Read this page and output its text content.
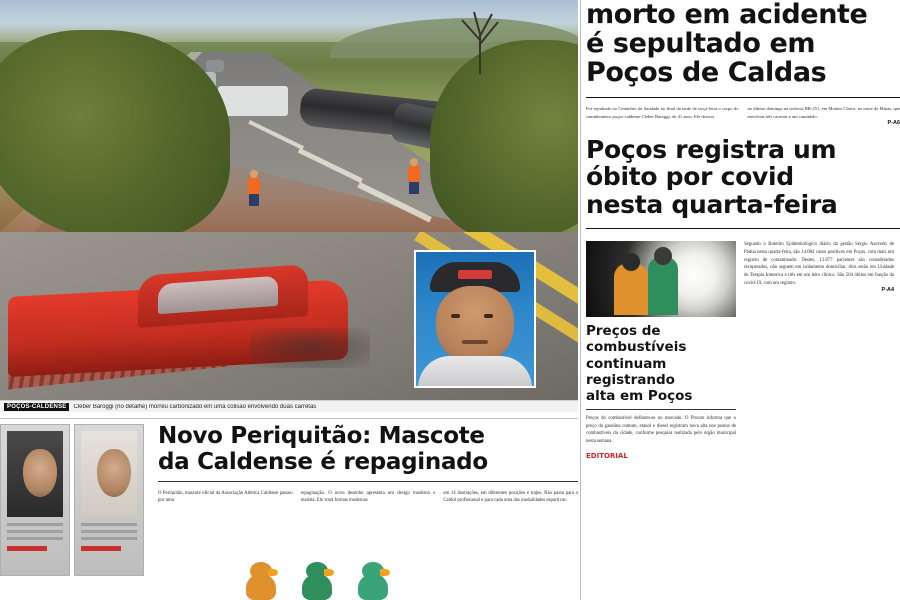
POÇOS-CALDENSE	Cleber Baroggi (no detalhe) morreu carbonizado em uma colisão envolvendo duas carretas
morto em acidente
é sepultado em
Poços de Caldas
Foi sepultado no Cemitério da Saudade no final da tarde de terça-feira o corpo do caminhoneiro poços-caldense Cleber Baroggi, de 41 anos. Ele deixou
no último domingo na rodovia BR-251, em Montes Claros, no norte de Minas, que envolveu três carretas e um caminhão.
P-A6
Poços registra um
óbito por covid
nesta quarta-feira
Preços de
combustíveis
continuam
registrando
alta em Poços
Preços do combustível definem-se no mercado. O Procon informa que o preço da gasolina comum, etanol e diesel registram nova alta nos postos de combustíveis da cidade, conforme pesquisa realizada pelo órgão municipal nesta semana.
EDITORIAL
Segundo o Boletim Epidemiológico diário da gestão Sérgio Azevedo de Pádua nesta quarta-feira, são 14.084 casos positivos em Poços, com mais um registro de contaminado. Destes, 13.877 pacientes são considerados recuperados, não seguem em isolamento domiciliar, dois estão em Unidade de Terapia Intensiva e três em um leito clínico. São 504 óbitos em função da covid-19, com um registro.
P-A4
Novo Periquitão: Mascote
da Caldense é repaginado
O Periquitão, mascote oficial da Associação Atlética Caldense passou por uma
repaginação. O novo desenho apresenta um design moderno e realista. Ele trará formas modernas
em 14 ilustrações, em diferentes posições e trajes. Não passa para o Caldol profissional e para cada uma das modalidades esportivas.
